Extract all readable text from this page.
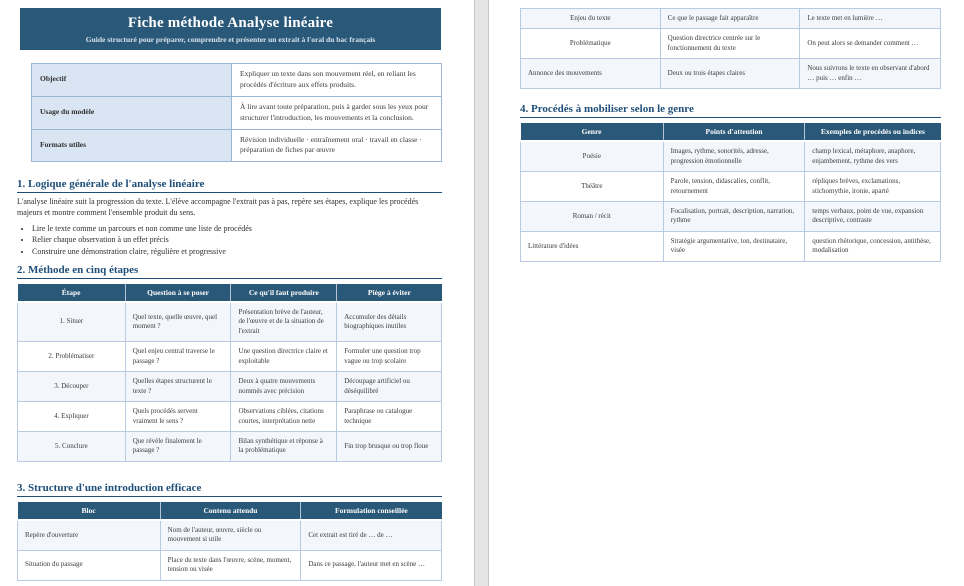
Fiche méthode Analyse linéaire
Guide structuré pour préparer, comprendre et présenter un extrait à l'oral du bac français
Objectif	Expliquer un texte dans son mouvement réel, en reliant les procédés d'écriture aux effets produits.
Usage du modèle	À lire avant toute préparation, puis à garder sous les yeux pour structurer l'introduction, les mouvements et la conclusion.
Formats utiles	Révision individuelle · entraînement oral · travail en classe · préparation de fiches par œuvre
1. Logique générale de l'analyse linéaire
L'analyse linéaire suit la progression du texte. L'élève accompagne l'extrait pas à pas, repère ses étapes, explique les procédés majeurs et montre comment l'ensemble produit du sens.
• Lire le texte comme un parcours et non comme une liste de procédés
• Relier chaque observation à un effet précis
• Construire une démonstration claire, régulière et progressive
2. Méthode en cinq étapes
Étape	Question à se poser	Ce qu'il faut produire	Piège à éviter
1. Situer	Quel texte, quelle œuvre, quel moment ?	Présentation brève de l'auteur, de l'œuvre et de la situation de l'extrait	Accumuler des détails biographiques inutiles
2. Problématiser	Quel enjeu central traverse le passage ?	Une question directrice claire et exploitable	Formuler une question trop vague ou trop scolaire
3. Découper	Quelles étapes structurent le texte ?	Deux à quatre mouvements nommés avec précision	Découpage artificiel ou déséquilibré
4. Expliquer	Quels procédés servent vraiment le sens ?	Observations ciblées, citations courtes, interprétation nette	Paraphrase ou catalogue technique
5. Conclure	Que révèle finalement le passage ?	Bilan synthétique et réponse à la problématique	Fin trop brusque ou trop floue
3. Structure d'une introduction efficace
Bloc	Contenu attendu	Formulation conseillée
Repère d'ouverture	Nom de l'auteur, œuvre, siècle ou mouvement si utile	Cet extrait est tiré de … de …
Situation du passage	Place du texte dans l'œuvre, scène, moment, tension ou visée	Dans ce passage, l'auteur met en scène …
Enjeu du texte	Ce que le passage fait apparaître	Le texte met en lumière …
Problématique	Question directrice centrée sur le fonctionnement du texte	On peut alors se demander comment …
Annonce des mouvements	Deux ou trois étapes claires	Nous suivrons le texte en observant d'abord … puis … enfin …
4. Procédés à mobiliser selon le genre
Genre	Points d'attention	Exemples de procédés ou indices
Poésie	Images, rythme, sonorités, adresse, progression émotionnelle	champ lexical, métaphore, anaphore, enjambement, rythme des vers
Théâtre	Parole, tension, didascalies, conflit, retournement	répliques brèves, exclamations, stichomythie, ironie, aparté
Roman / récit	Focalisation, portrait, description, narration, rythme	temps verbaux, point de vue, expansion descriptive, contraste
Littérature d'idées	Stratégie argumentative, ton, destinataire, visée	question rhétorique, concession, antithèse, modalisation
